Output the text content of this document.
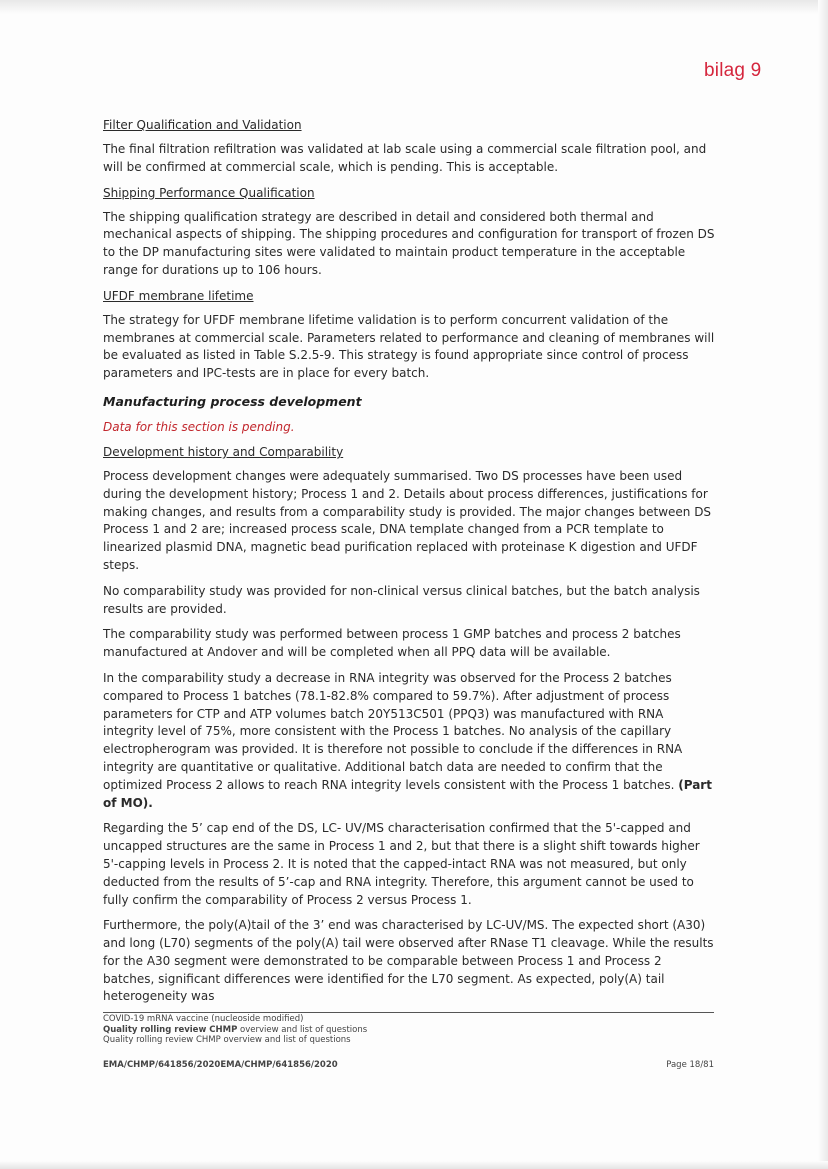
bilag 9

Filter Qualification and Validation

The final filtration refiltration was validated at lab scale using a commercial scale filtration pool, and will be confirmed at commercial scale, which is pending. This is acceptable.

Shipping Performance Qualification

The shipping qualification strategy are described in detail and considered both thermal and mechanical aspects of shipping. The shipping procedures and configuration for transport of frozen DS to the DP manufacturing sites were validated to maintain product temperature in the acceptable range for durations up to 106 hours.

UFDF membrane lifetime

The strategy for UFDF membrane lifetime validation is to perform concurrent validation of the membranes at commercial scale. Parameters related to performance and cleaning of membranes will be evaluated as listed in Table S.2.5-9. This strategy is found appropriate since control of process parameters and IPC-tests are in place for every batch.

Manufacturing process development

Data for this section is pending.

Development history and Comparability

Process development changes were adequately summarised. Two DS processes have been used during the development history; Process 1 and 2. Details about process differences, justifications for making changes, and results from a comparability study is provided. The major changes between DS Process 1 and 2 are; increased process scale, DNA template changed from a PCR template to linearized plasmid DNA, magnetic bead purification replaced with proteinase K digestion and UFDF steps.

No comparability study was provided for non-clinical versus clinical batches, but the batch analysis results are provided.

The comparability study was performed between process 1 GMP batches and process 2 batches manufactured at Andover and will be completed when all PPQ data will be available.

In the comparability study a decrease in RNA integrity was observed for the Process 2 batches compared to Process 1 batches (78.1-82.8% compared to 59.7%). After adjustment of process parameters for CTP and ATP volumes batch 20Y513C501 (PPQ3) was manufactured with RNA integrity level of 75%, more consistent with the Process 1 batches. No analysis of the capillary electropherogram was provided. It is therefore not possible to conclude if the differences in RNA integrity are quantitative or qualitative. Additional batch data are needed to confirm that the optimized Process 2 allows to reach RNA integrity levels consistent with the Process 1 batches. (Part of MO).

Regarding the 5’ cap end of the DS, LC- UV/MS characterisation confirmed that the 5'-capped and uncapped structures are the same in Process 1 and 2, but that there is a slight shift towards higher 5'-capping levels in Process 2. It is noted that the capped-intact RNA was not measured, but only deducted from the results of 5’-cap and RNA integrity. Therefore, this argument cannot be used to fully confirm the comparability of Process 2 versus Process 1.

Furthermore, the poly(A)tail of the 3’ end was characterised by LC-UV/MS. The expected short (A30) and long (L70) segments of the poly(A) tail were observed after RNase T1 cleavage. While the results for the A30 segment were demonstrated to be comparable between Process 1 and Process 2 batches, significant differences were identified for the L70 segment. As expected, poly(A) tail heterogeneity was

COVID-19 mRNA vaccine (nucleoside modified)
Quality rolling review CHMP overview and list of questions
Quality rolling review CHMP overview and list of questions
EMA/CHMP/641856/2020EMA/CHMP/641856/2020	Page 18/81
